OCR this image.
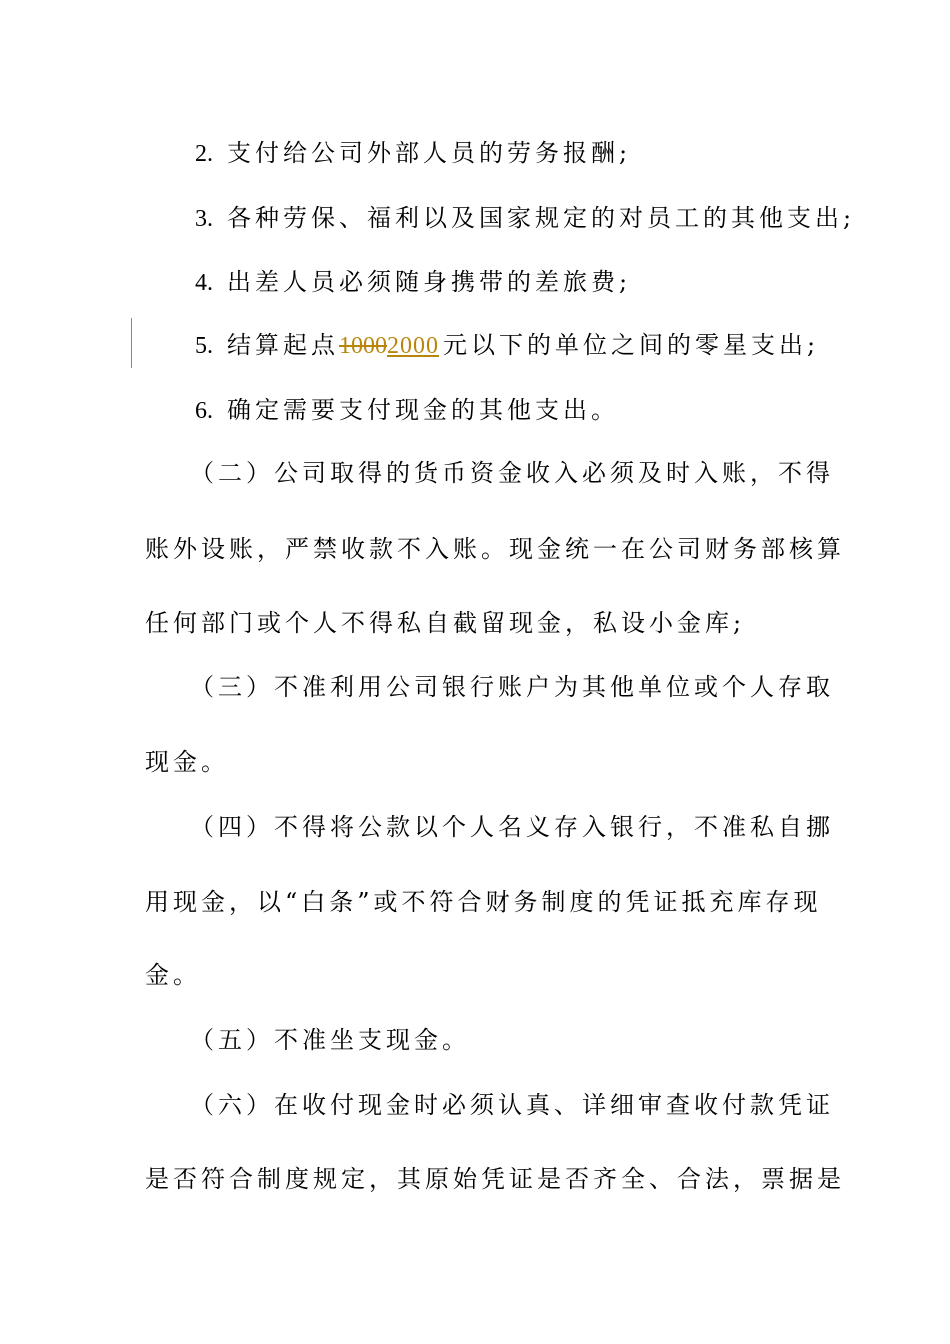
2. 支付给公司外部人员的劳务报酬;
3. 各种劳保、福利以及国家规定的对员工的其他支出;
4. 出差人员必须随身携带的差旅费;
5. 结算起点10002000 元以下的单位之间的零星支出;
6. 确定需要支付现金的其他支出。
（二）公司取得的货币资金收入必须及时入账，不得
账外设账，严禁收款不入账。现金统一在公司财务部核算
任何部门或个人不得私自截留现金，私设小金库;
（三）不准利用公司银行账户为其他单位或个人存取
现金。
（四）不得将公款以个人名义存入银行，不准私自挪
用现金，以“白条”或不符合财务制度的凭证抵充库存现
金。
（五）不准坐支现金。
（六）在收付现金时必须认真、详细审查收付款凭证
是否符合制度规定，其原始凭证是否齐全、合法，票据是
